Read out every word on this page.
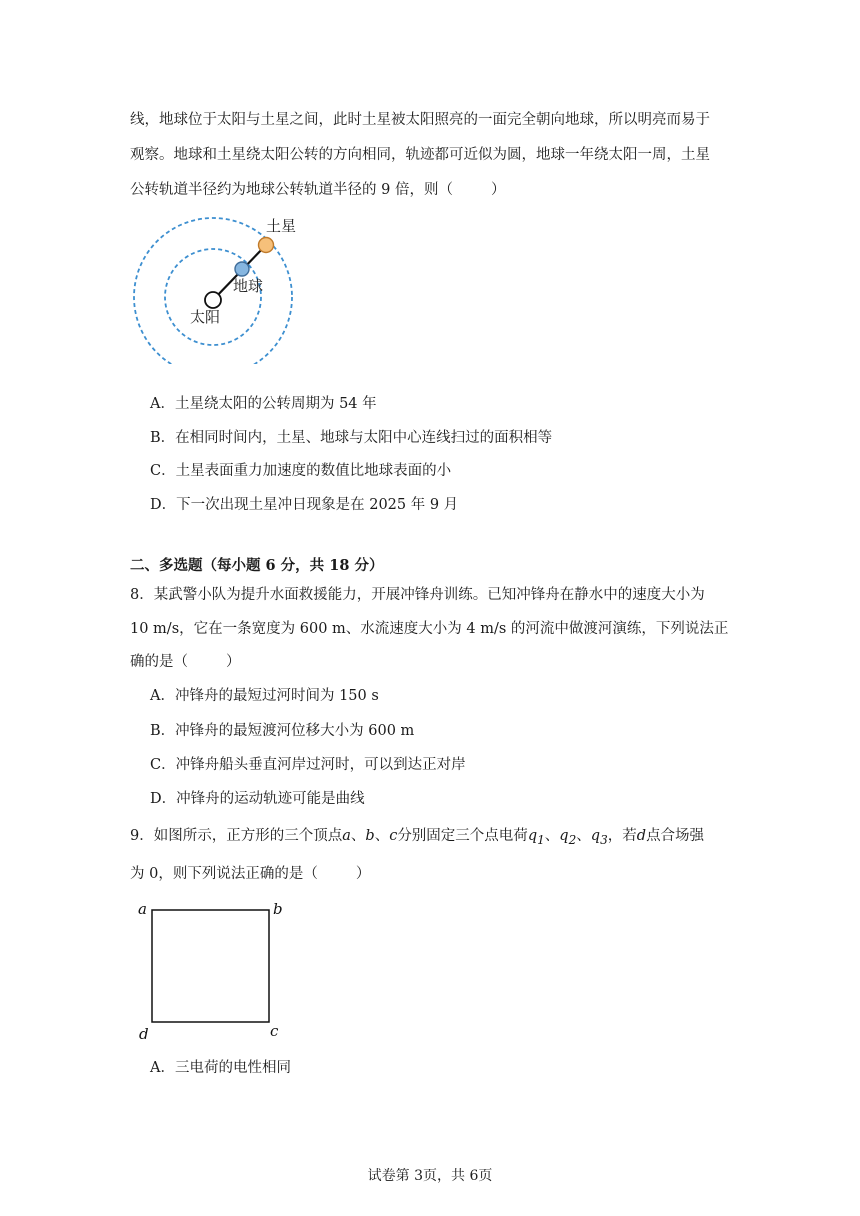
线，地球位于太阳与土星之间，此时土星被太阳照亮的一面完全朝向地球，所以明亮而易于
观察。地球和土星绕太阳公转的方向相同，轨迹都可近似为圆，地球一年绕太阳一周，土星
公转轨道半径约为地球公转轨道半径的 9 倍，则（	）
土星
地球
太阳
A．土星绕太阳的公转周期为 54 年
B．在相同时间内，土星、地球与太阳中心连线扫过的面积相等
C．土星表面重力加速度的数值比地球表面的小
D．下一次出现土星冲日现象是在 2025 年 9 月
二、多选题（每小题 6 分，共 18 分）
8．某武警小队为提升水面救援能力，开展冲锋舟训练。已知冲锋舟在静水中的速度大小为
10 m/s，它在一条宽度为 600 m、水流速度大小为 4 m/s 的河流中做渡河演练，下列说法正
确的是（	）
A．冲锋舟的最短过河时间为 150 s
B．冲锋舟的最短渡河位移大小为 600 m
C．冲锋舟船头垂直河岸过河时，可以到达正对岸
D．冲锋舟的运动轨迹可能是曲线
9．如图所示，正方形的三个顶点a、b、c分别固定三个点电荷$q_1$、$q_2$、$q_3$，若d点合场强
为 0，则下列说法正确的是（	）
a	b
c
d
A．三电荷的电性相同
试卷第 3页，共 6页
